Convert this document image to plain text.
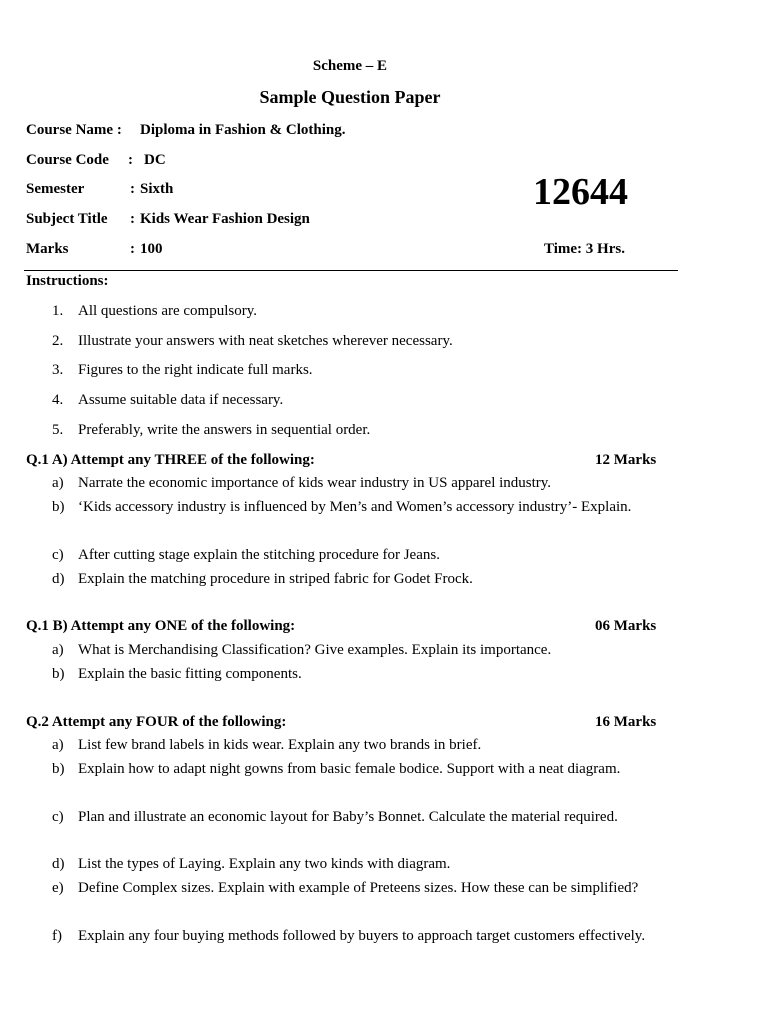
Scheme – E
Sample Question Paper
Course Name : Diploma in Fashion & Clothing.
Course Code : DC
Semester	: Sixth
Subject Title : Kids Wear Fashion Design
Marks	: 100
12644
Time: 3 Hrs.
Instructions:
1. All questions are compulsory.
2. Illustrate your answers with neat sketches wherever necessary.
3. Figures to the right indicate full marks.
4. Assume suitable data if necessary.
5. Preferably, write the answers in sequential order.
Q.1 A) Attempt any THREE of the following:	12 Marks
a) Narrate the economic importance of kids wear industry in US apparel industry.
b) ‘Kids accessory industry is influenced by Men’s and Women’s accessory industry’- Explain.
c) After cutting stage explain the stitching procedure for Jeans.
d) Explain the matching procedure in striped fabric for Godet Frock.
Q.1 B) Attempt any ONE of the following:	06 Marks
a) What is Merchandising Classification? Give examples. Explain its importance.
b) Explain the basic fitting components.
Q.2 Attempt any FOUR of the following:	16 Marks
a) List few brand labels in kids wear. Explain any two brands in brief.
b) Explain how to adapt night gowns from basic female bodice. Support with a neat diagram.
c) Plan and illustrate an economic layout for Baby’s Bonnet. Calculate the material required.
d) List the types of Laying. Explain any two kinds with diagram.
e) Define Complex sizes. Explain with example of Preteens sizes. How these can be simplified?
f) Explain any four buying methods followed by buyers to approach target customers effectively.
